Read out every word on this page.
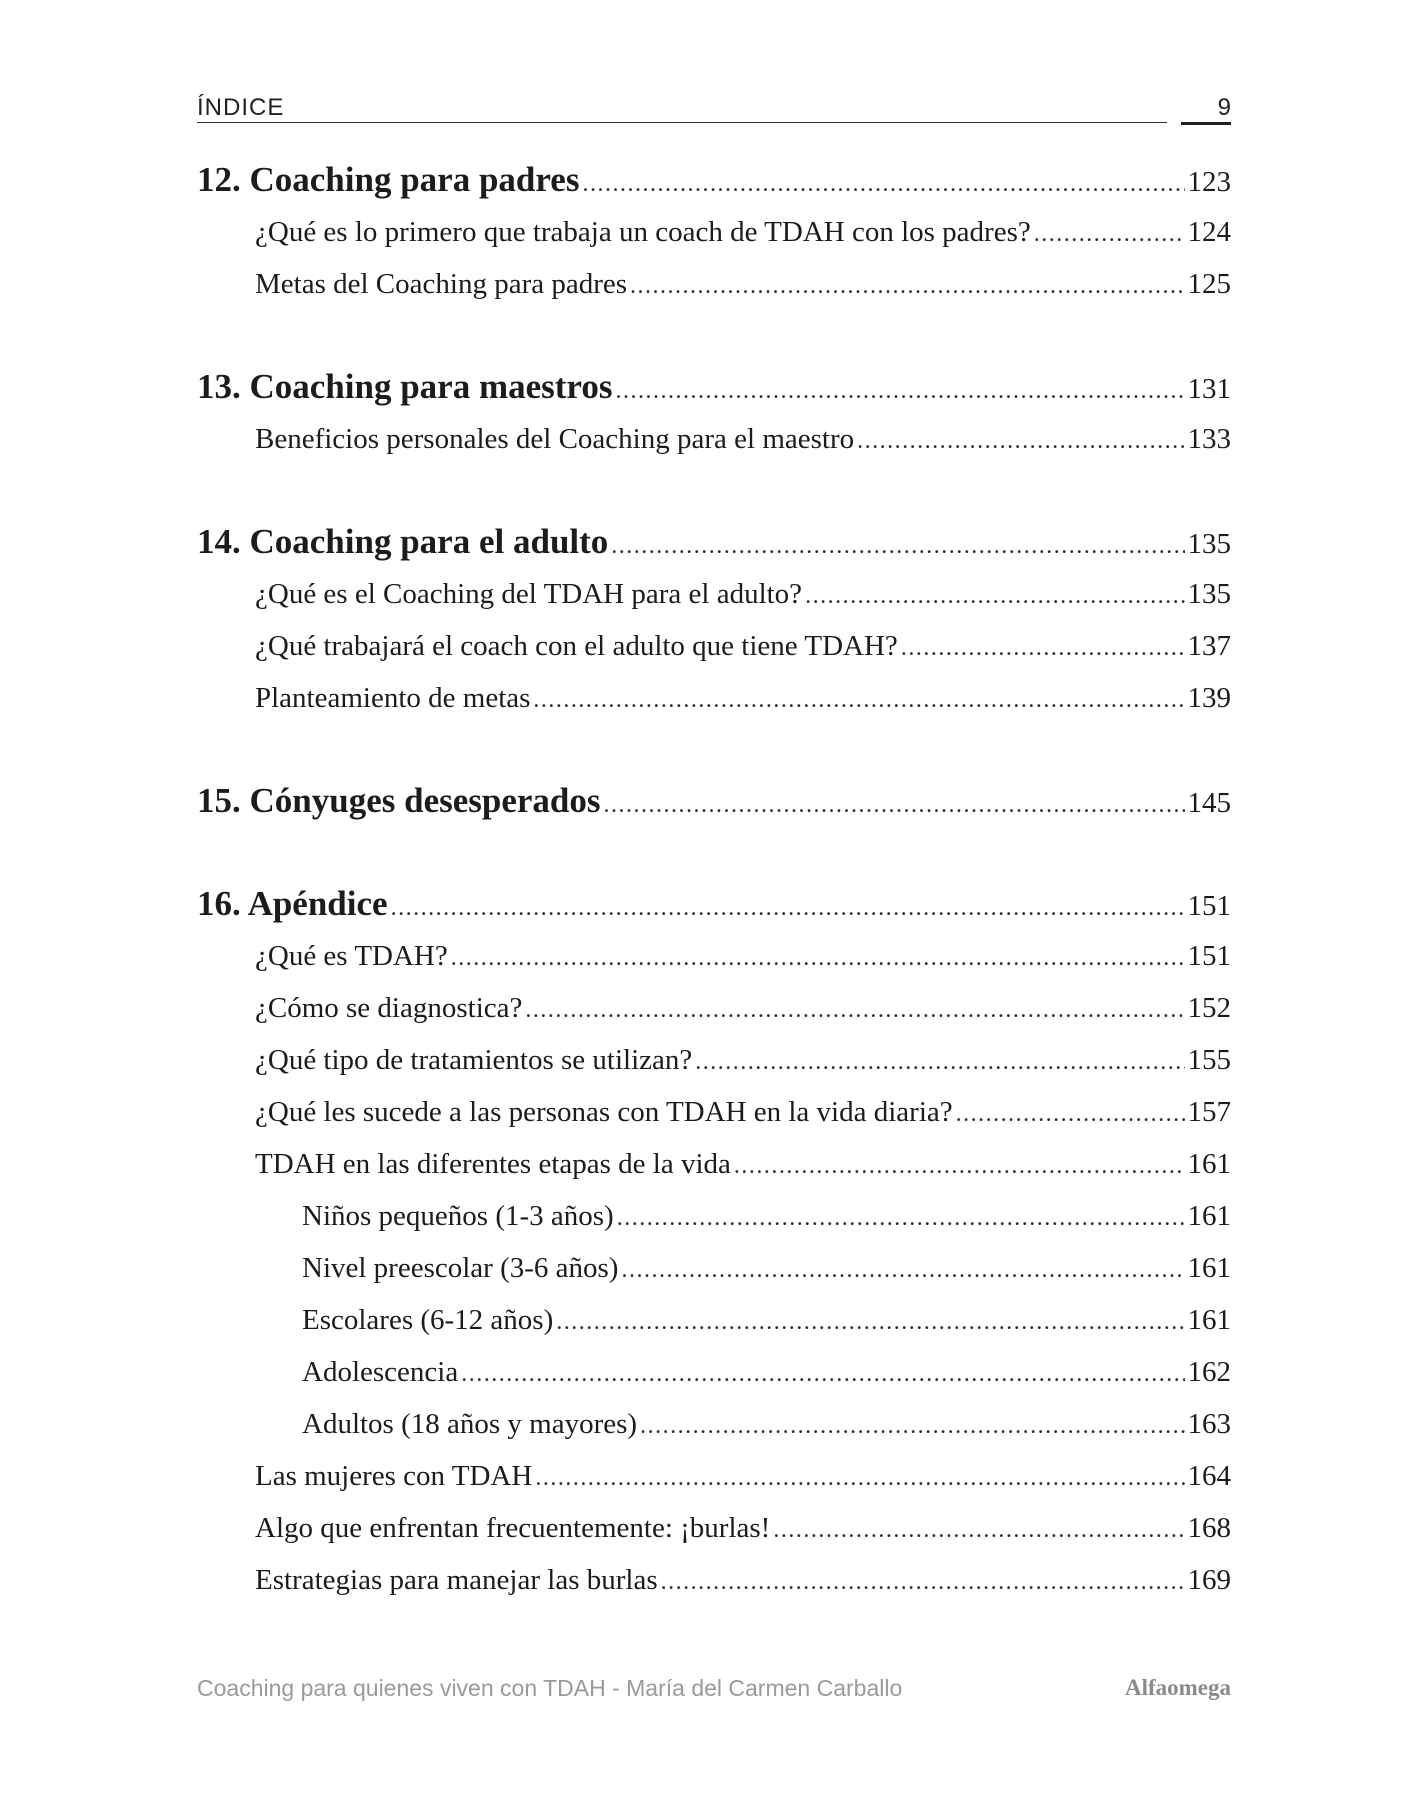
ÍNDICE	9
12. Coaching para padres .....	123
¿Qué es lo primero que trabaja un coach de TDAH con los padres? .....	124
Metas del Coaching para padres .....	125
13. Coaching para maestros .....	131
Beneficios personales del Coaching para el maestro .....	133
14. Coaching para el adulto .....	135
¿Qué es el Coaching del TDAH para el adulto? .....	135
¿Qué trabajará el coach con el adulto que tiene TDAH? .....	137
Planteamiento de metas .....	139
15. Cónyuges desesperados .....	145
16. Apéndice .....	151
¿Qué es TDAH? .....	151
¿Cómo se diagnostica? .....	152
¿Qué tipo de tratamientos se utilizan? .....	155
¿Qué les sucede a las personas con TDAH en la vida diaria? .....	157
TDAH en las diferentes etapas de la vida .....	161
Niños pequeños (1-3 años) .....	161
Nivel preescolar (3-6 años) .....	161
Escolares (6-12 años) .....	161
Adolescencia .....	162
Adultos (18 años y mayores) .....	163
Las mujeres con TDAH .....	164
Algo que enfrentan frecuentemente: ¡burlas! .....	168
Estrategias para manejar las burlas .....	169
Coaching para quienes viven con TDAH - María del Carmen Carballo	Alfaomega
